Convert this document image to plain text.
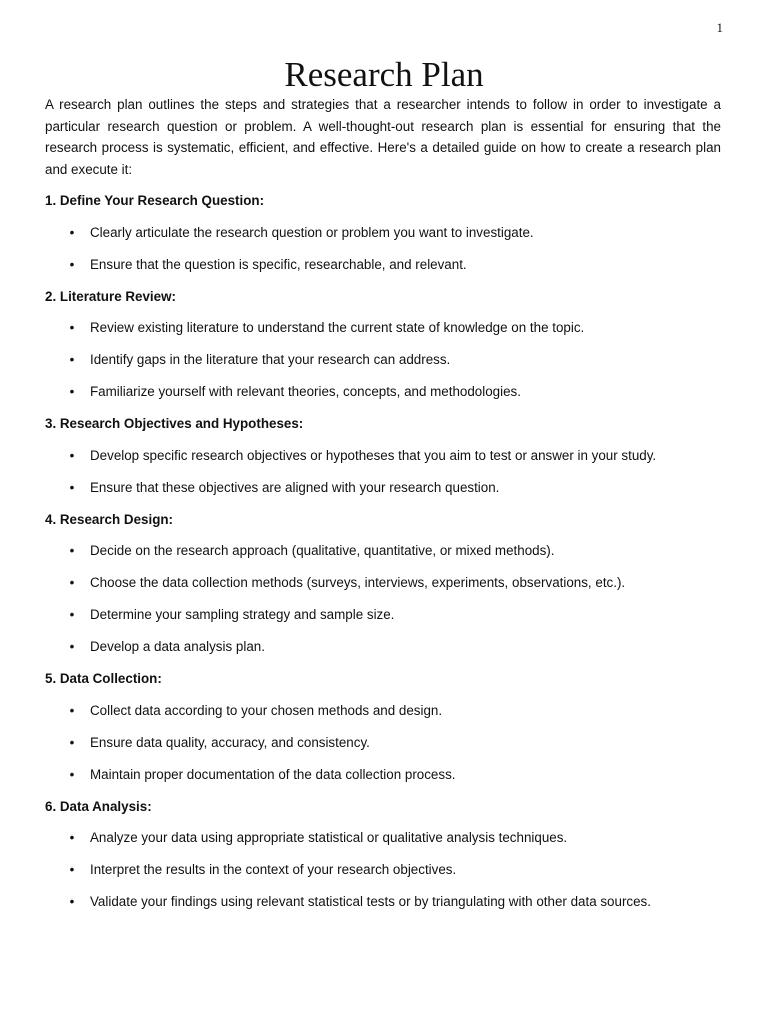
1
Research Plan

A research plan outlines the steps and strategies that a researcher intends to follow in order to investigate a particular research question or problem. A well-thought-out research plan is essential for ensuring that the research process is systematic, efficient, and effective. Here's a detailed guide on how to create a research plan and execute it:

1. Define Your Research Question:

• Clearly articulate the research question or problem you want to investigate.
• Ensure that the question is specific, researchable, and relevant.

2. Literature Review:

• Review existing literature to understand the current state of knowledge on the topic.
• Identify gaps in the literature that your research can address.
• Familiarize yourself with relevant theories, concepts, and methodologies.

3. Research Objectives and Hypotheses:

• Develop specific research objectives or hypotheses that you aim to test or answer in your study.
• Ensure that these objectives are aligned with your research question.

4. Research Design:

• Decide on the research approach (qualitative, quantitative, or mixed methods).
• Choose the data collection methods (surveys, interviews, experiments, observations, etc.).
• Determine your sampling strategy and sample size.
• Develop a data analysis plan.

5. Data Collection:

• Collect data according to your chosen methods and design.
• Ensure data quality, accuracy, and consistency.
• Maintain proper documentation of the data collection process.

6. Data Analysis:

• Analyze your data using appropriate statistical or qualitative analysis techniques.
• Interpret the results in the context of your research objectives.
• Validate your findings using relevant statistical tests or by triangulating with other data sources.
